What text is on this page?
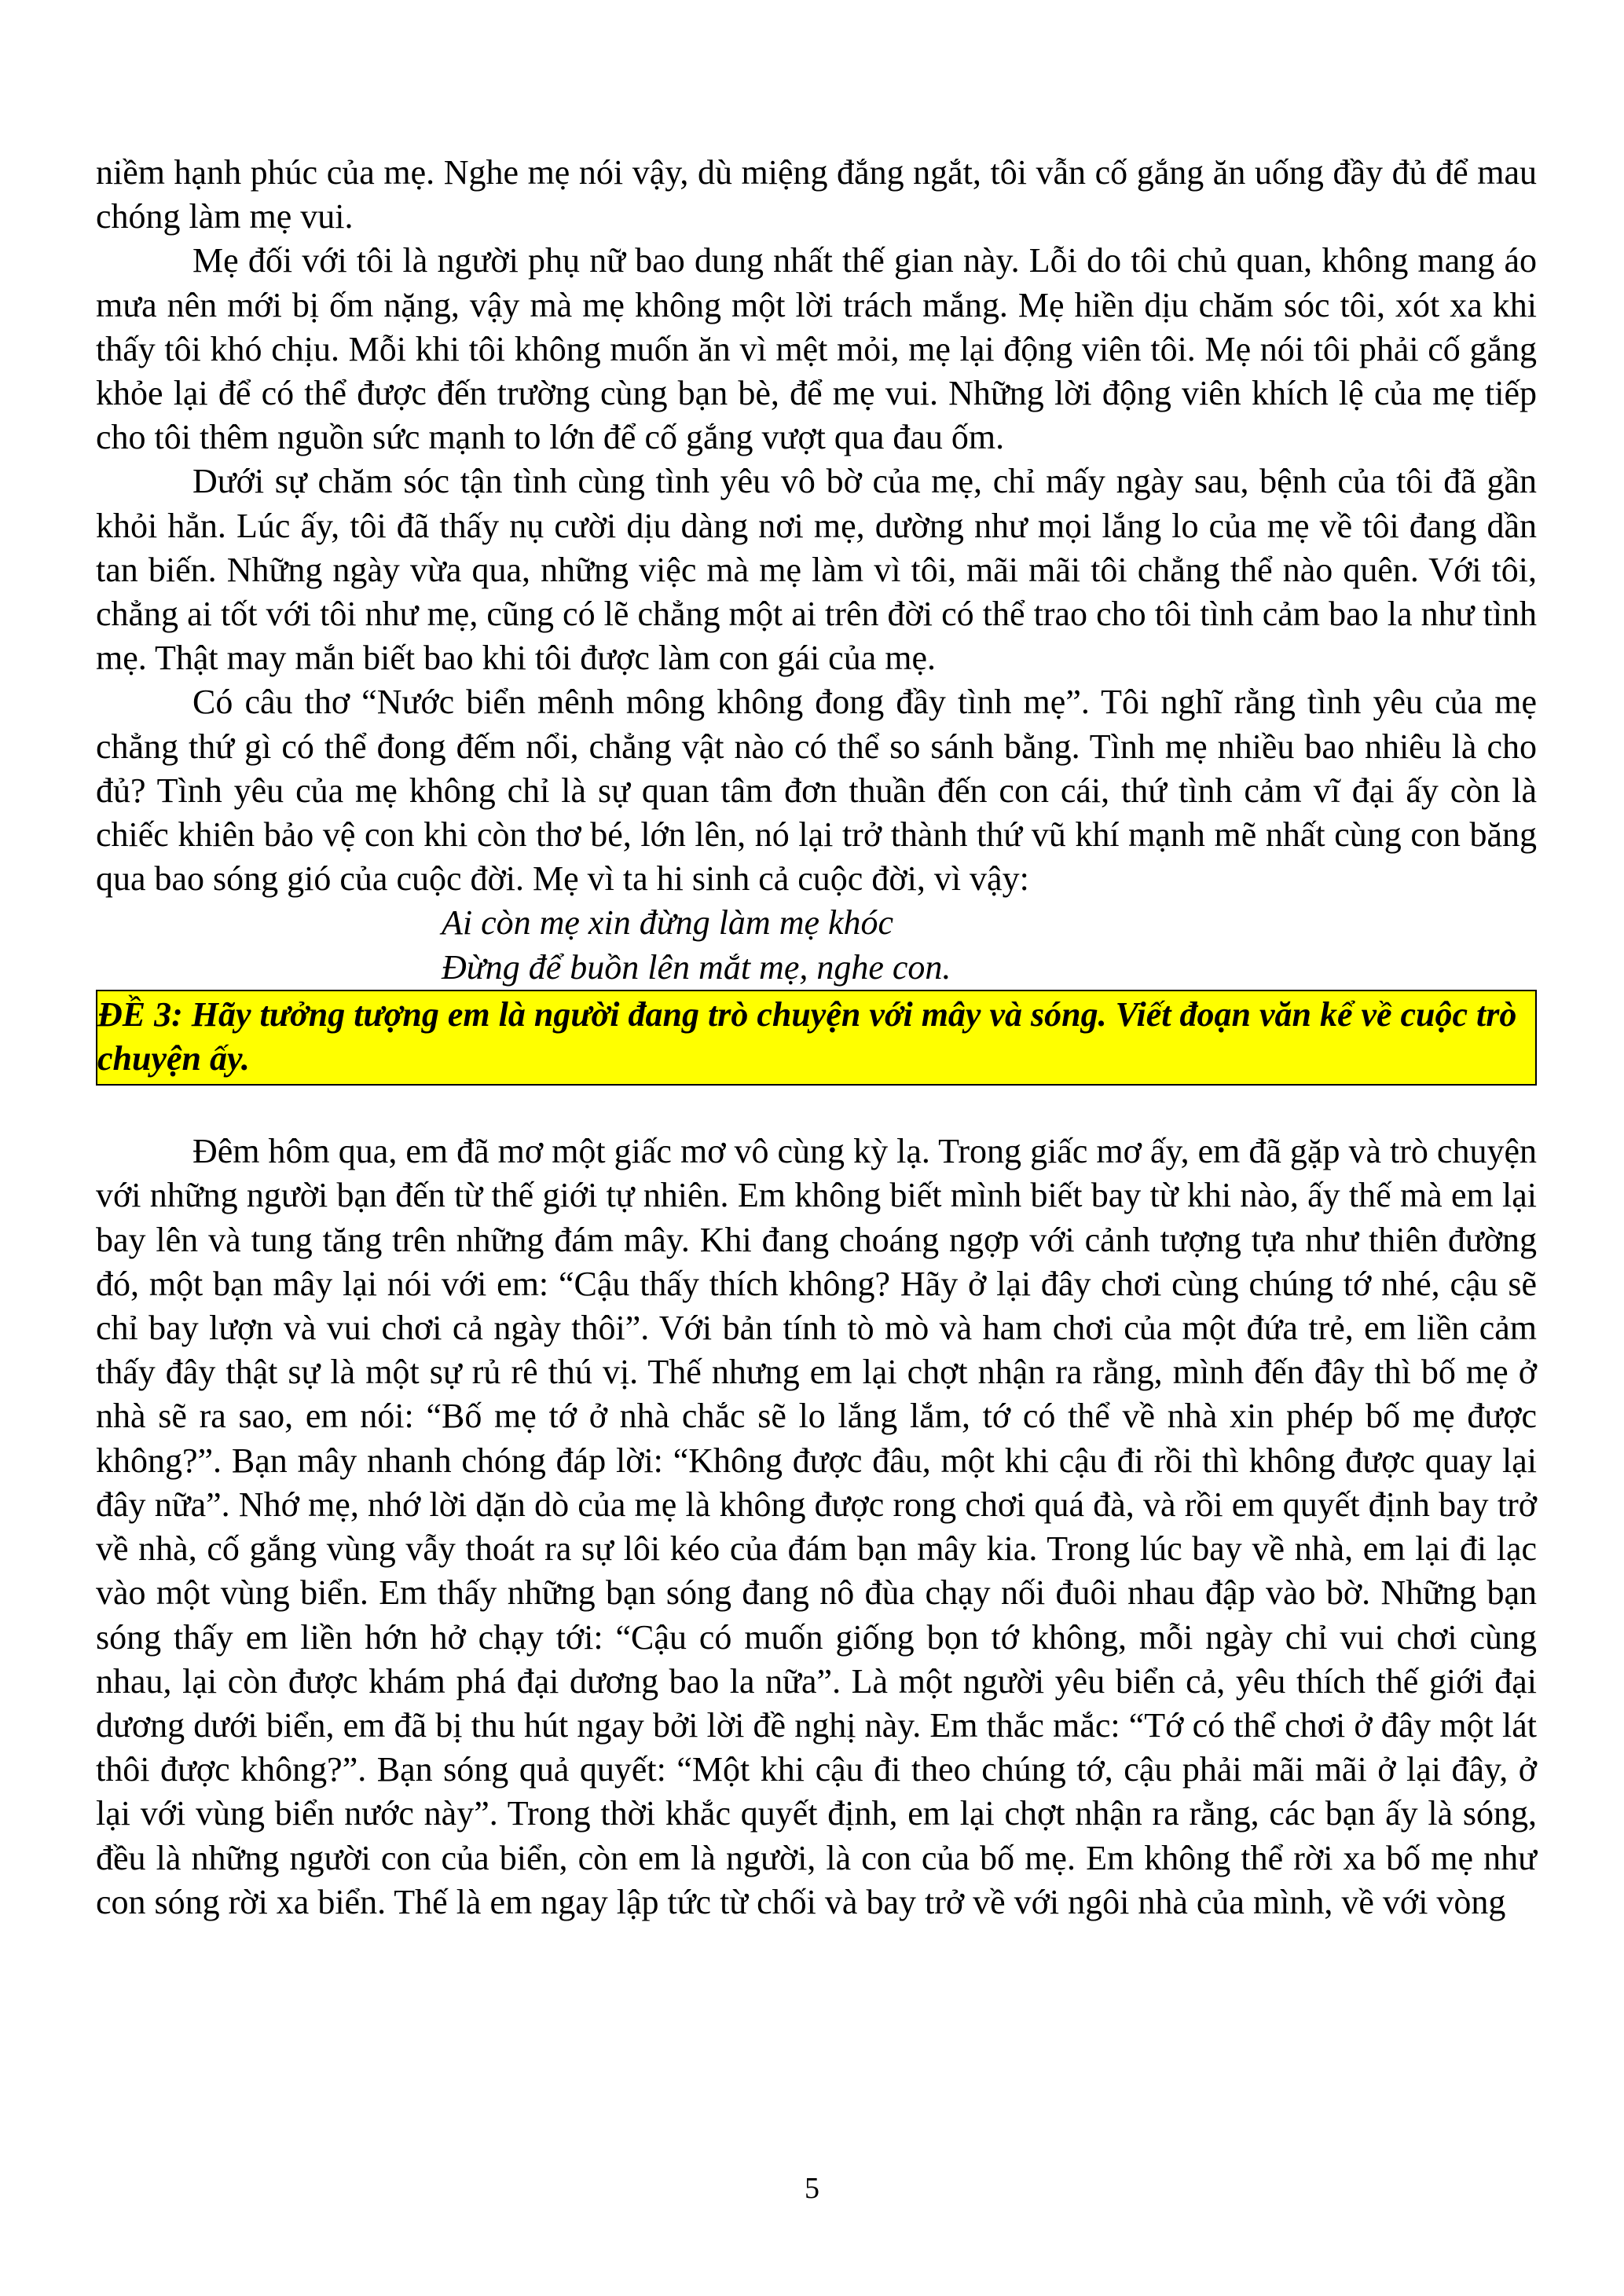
niềm hạnh phúc của mẹ. Nghe mẹ nói vậy, dù miệng đắng ngắt, tôi vẫn cố gắng ăn uống đầy đủ để mau chóng làm mẹ vui.

Mẹ đối với tôi là người phụ nữ bao dung nhất thế gian này. Lỗi do tôi chủ quan, không mang áo mưa nên mới bị ốm nặng, vậy mà mẹ không một lời trách mắng. Mẹ hiền dịu chăm sóc tôi, xót xa khi thấy tôi khó chịu. Mỗi khi tôi không muốn ăn vì mệt mỏi, mẹ lại động viên tôi. Mẹ nói tôi phải cố gắng khỏe lại để có thể được đến trường cùng bạn bè, để mẹ vui. Những lời động viên khích lệ của mẹ tiếp cho tôi thêm nguồn sức mạnh to lớn để cố gắng vượt qua đau ốm.

Dưới sự chăm sóc tận tình cùng tình yêu vô bờ của mẹ, chỉ mấy ngày sau, bệnh của tôi đã gần khỏi hẳn. Lúc ấy, tôi đã thấy nụ cười dịu dàng nơi mẹ, dường như mọi lắng lo của mẹ về tôi đang dần tan biến. Những ngày vừa qua, những việc mà mẹ làm vì tôi, mãi mãi tôi chẳng thể nào quên. Với tôi, chẳng ai tốt với tôi như mẹ, cũng có lẽ chẳng một ai trên đời có thể trao cho tôi tình cảm bao la như tình mẹ. Thật may mắn biết bao khi tôi được làm con gái của mẹ.

Có câu thơ “Nước biển mênh mông không đong đầy tình mẹ”. Tôi nghĩ rằng tình yêu của mẹ chẳng thứ gì có thể đong đếm nổi, chẳng vật nào có thể so sánh bằng. Tình mẹ nhiều bao nhiêu là cho đủ? Tình yêu của mẹ không chỉ là sự quan tâm đơn thuần đến con cái, thứ tình cảm vĩ đại ấy còn là chiếc khiên bảo vệ con khi còn thơ bé, lớn lên, nó lại trở thành thứ vũ khí mạnh mẽ nhất cùng con băng qua bao sóng gió của cuộc đời. Mẹ vì ta hi sinh cả cuộc đời, vì vậy:

Ai còn mẹ xin đừng làm mẹ khóc
Đừng để buồn lên mắt mẹ, nghe con.

ĐỀ 3: Hãy tưởng tượng em là người đang trò chuyện với mây và sóng. Viết đoạn văn kể về cuộc trò chuyện ấy.

Đêm hôm qua, em đã mơ một giấc mơ vô cùng kỳ lạ. Trong giấc mơ ấy, em đã gặp và trò chuyện với những người bạn đến từ thế giới tự nhiên. Em không biết mình biết bay từ khi nào, ấy thế mà em lại bay lên và tung tăng trên những đám mây. Khi đang choáng ngợp với cảnh tượng tựa như thiên đường đó, một bạn mây lại nói với em: “Cậu thấy thích không? Hãy ở lại đây chơi cùng chúng tớ nhé, cậu sẽ chỉ bay lượn và vui chơi cả ngày thôi”. Với bản tính tò mò và ham chơi của một đứa trẻ, em liền cảm thấy đây thật sự là một sự rủ rê thú vị. Thế nhưng em lại chợt nhận ra rằng, mình đến đây thì bố mẹ ở nhà sẽ ra sao, em nói: “Bố mẹ tớ ở nhà chắc sẽ lo lắng lắm, tớ có thể về nhà xin phép bố mẹ được không?”. Bạn mây nhanh chóng đáp lời: “Không được đâu, một khi cậu đi rồi thì không được quay lại đây nữa”. Nhớ mẹ, nhớ lời dặn dò của mẹ là không được rong chơi quá đà, và rồi em quyết định bay trở về nhà, cố gắng vùng vẫy thoát ra sự lôi kéo của đám bạn mây kia. Trong lúc bay về nhà, em lại đi lạc vào một vùng biển. Em thấy những bạn sóng đang nô đùa chạy nối đuôi nhau đập vào bờ. Những bạn sóng thấy em liền hớn hở chạy tới: “Cậu có muốn giống bọn tớ không, mỗi ngày chỉ vui chơi cùng nhau, lại còn được khám phá đại dương bao la nữa”. Là một người yêu biển cả, yêu thích thế giới đại dương dưới biển, em đã bị thu hút ngay bởi lời đề nghị này. Em thắc mắc: “Tớ có thể chơi ở đây một lát thôi được không?”. Bạn sóng quả quyết: “Một khi cậu đi theo chúng tớ, cậu phải mãi mãi ở lại đây, ở lại với vùng biển nước này”. Trong thời khắc quyết định, em lại chợt nhận ra rằng, các bạn ấy là sóng, đều là những người con của biển, còn em là người, là con của bố mẹ. Em không thể rời xa bố mẹ như con sóng rời xa biển. Thế là em ngay lập tức từ chối và bay trở về với ngôi nhà của mình, về với vòng

5
